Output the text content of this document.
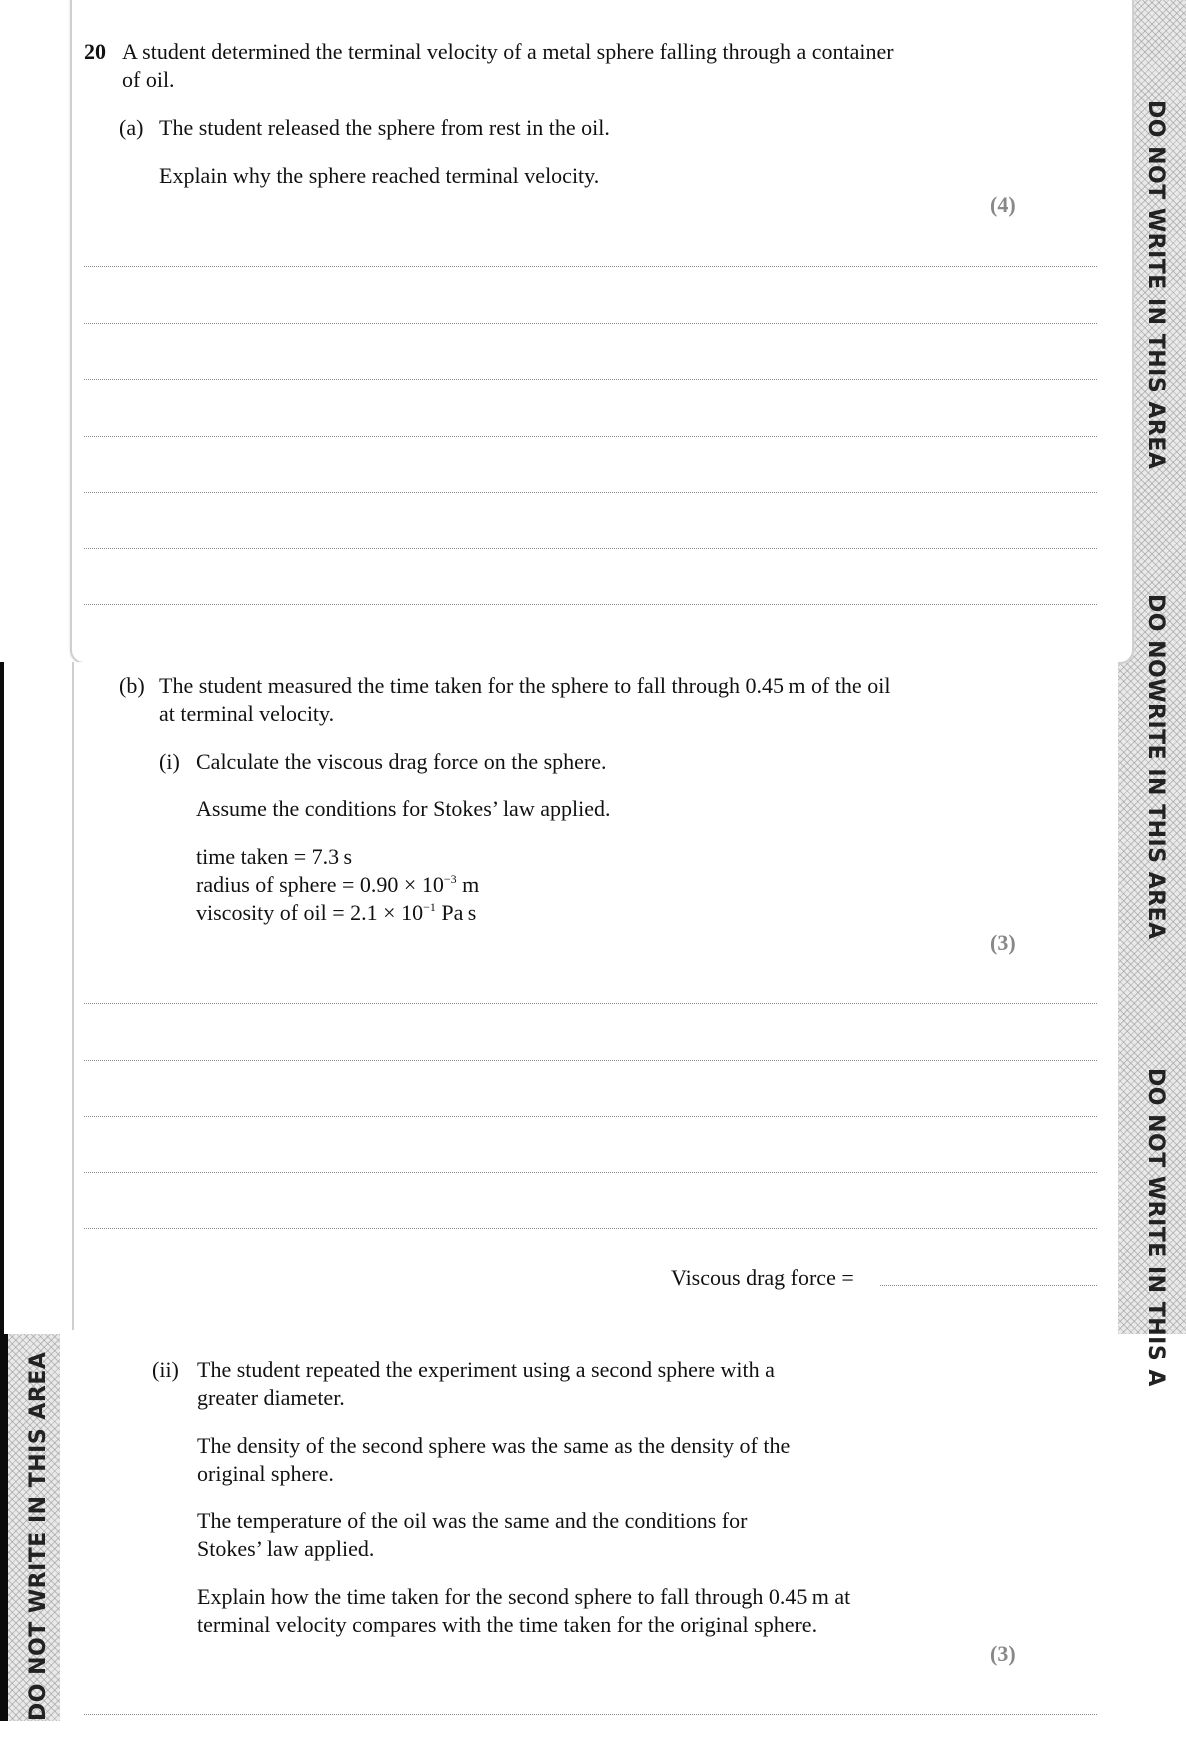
DO NOT WRITE IN THIS AREA
DO NOWRITE IN THIS AREA
DO NOT WRITE IN THIS A
DO NOT WRITE IN THIS AREA
20 A student determined the terminal velocity of a metal sphere falling through a container
of oil.
(a) The student released the sphere from rest in the oil.
Explain why the sphere reached terminal velocity.
(4)
(b) The student measured the time taken for the sphere to fall through 0.45 m of the oil
at terminal velocity.
(i) Calculate the viscous drag force on the sphere.
Assume the conditions for Stokes’ law applied.
time taken = 7.3 s
radius of sphere = $0.90 \times 10^{-3}$ m
viscosity of oil = $2.1 \times 10^{-1}$ Pa s
(3)
Viscous drag force =
(ii) The student repeated the experiment using a second sphere with a
greater diameter.
The density of the second sphere was the same as the density of the
original sphere.
The temperature of the oil was the same and the conditions for
Stokes’ law applied.
Explain how the time taken for the second sphere to fall through 0.45 m at
terminal velocity compares with the time taken for the original sphere.
(3)
